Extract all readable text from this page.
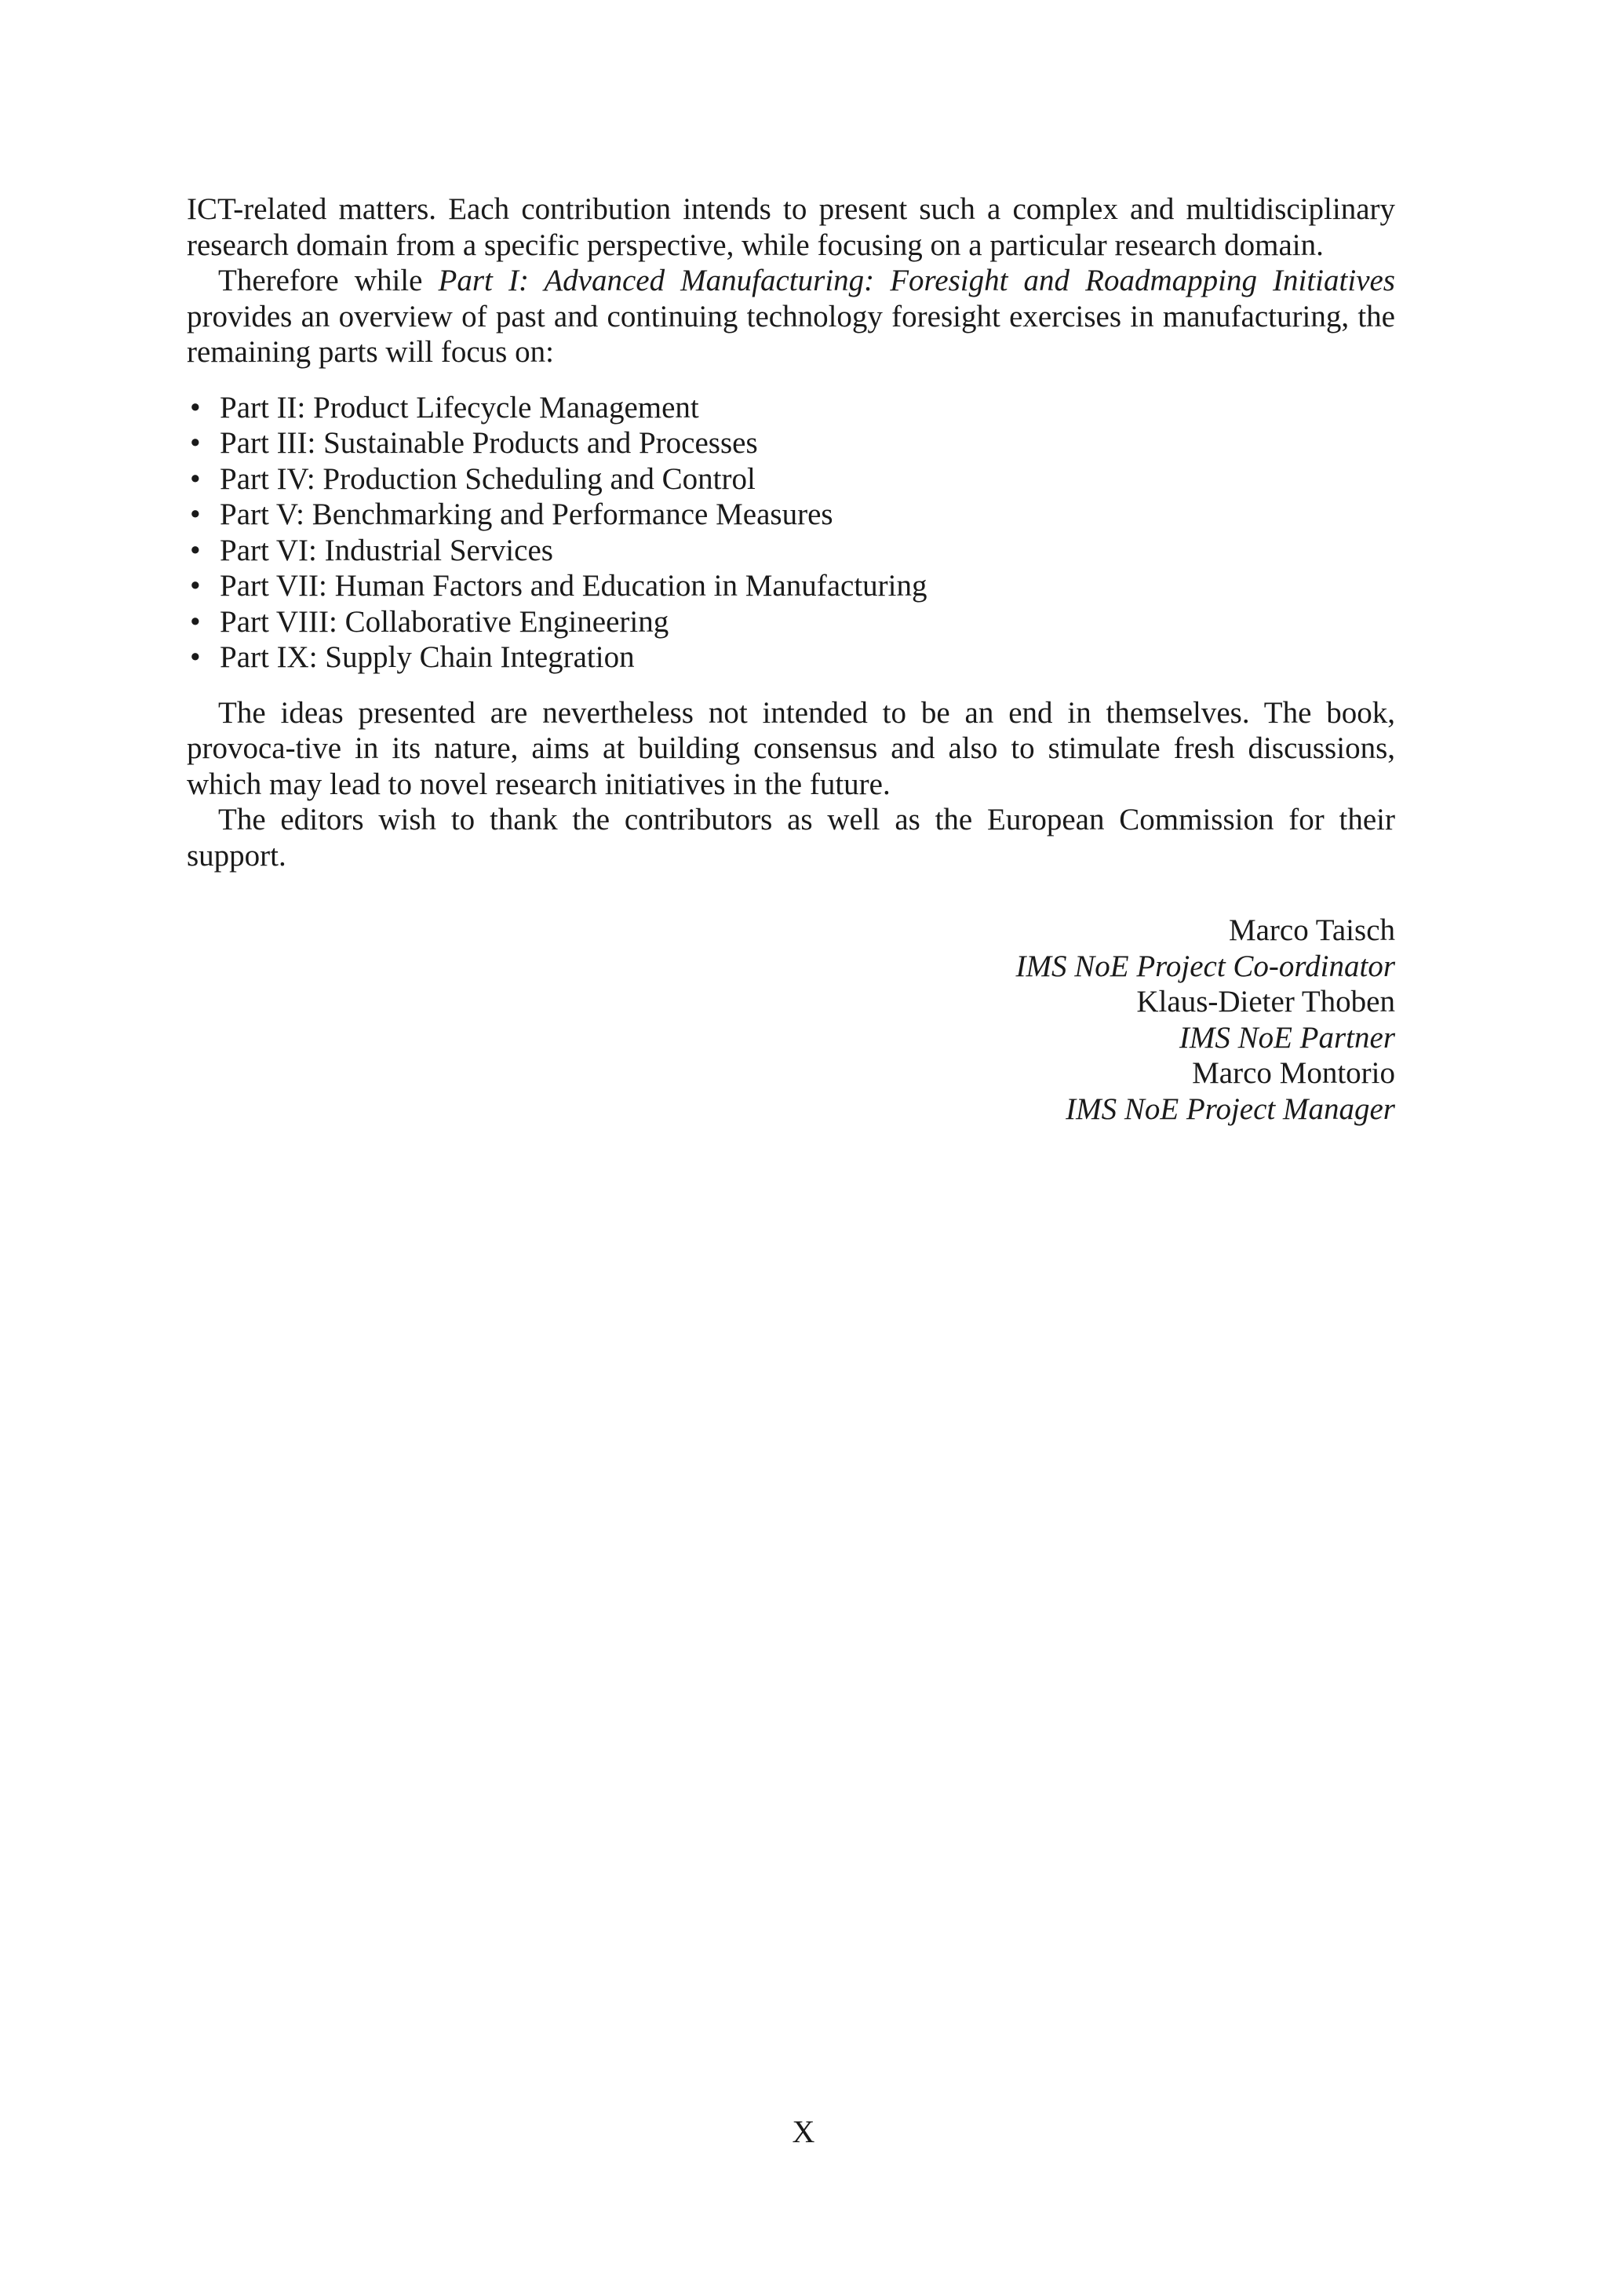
ICT-related matters. Each contribution intends to present such a complex and multidisciplinary research domain from a specific perspective, while focusing on a particular research domain.

Therefore while Part I: Advanced Manufacturing: Foresight and Roadmapping Initiatives provides an overview of past and continuing technology foresight exercises in manufacturing, the remaining parts will focus on:

• Part II: Product Lifecycle Management
• Part III: Sustainable Products and Processes
• Part IV: Production Scheduling and Control
• Part V: Benchmarking and Performance Measures
• Part VI: Industrial Services
• Part VII: Human Factors and Education in Manufacturing
• Part VIII: Collaborative Engineering
• Part IX: Supply Chain Integration

The ideas presented are nevertheless not intended to be an end in themselves. The book, provoca-tive in its nature, aims at building consensus and also to stimulate fresh discussions, which may lead to novel research initiatives in the future.

The editors wish to thank the contributors as well as the European Commission for their support.

Marco Taisch
IMS NoE Project Co-ordinator
Klaus-Dieter Thoben
IMS NoE Partner
Marco Montorio
IMS NoE Project Manager
X
